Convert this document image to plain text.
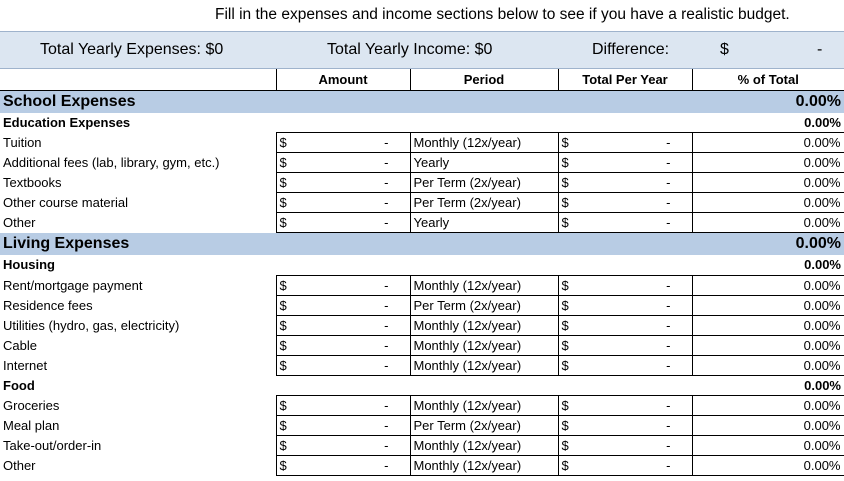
Fill in the expenses and income sections below to see if you have a realistic budget.
Total Yearly Expenses: $0	Total Yearly Income: $0	Difference:	$	-
	Amount	Period	Total Per Year	% of Total
School Expenses				0.00%
Education Expenses				0.00%
Tuition	$ -	Monthly (12x/year)	$ -	0.00%
Additional fees (lab, library, gym, etc.)	$ -	Yearly	$ -	0.00%
Textbooks	$ -	Per Term (2x/year)	$ -	0.00%
Other course material	$ -	Per Term (2x/year)	$ -	0.00%
Other	$ -	Yearly	$ -	0.00%
Living Expenses				0.00%
Housing				0.00%
Rent/mortgage payment	$ -	Monthly (12x/year)	$ -	0.00%
Residence fees	$ -	Per Term (2x/year)	$ -	0.00%
Utilities (hydro, gas, electricity)	$ -	Monthly (12x/year)	$ -	0.00%
Cable	$ -	Monthly (12x/year)	$ -	0.00%
Internet	$ -	Monthly (12x/year)	$ -	0.00%
Food				0.00%
Groceries	$ -	Monthly (12x/year)	$ -	0.00%
Meal plan	$ -	Per Term (2x/year)	$ -	0.00%
Take-out/order-in	$ -	Monthly (12x/year)	$ -	0.00%
Other	$ -	Monthly (12x/year)	$ -	0.00%
